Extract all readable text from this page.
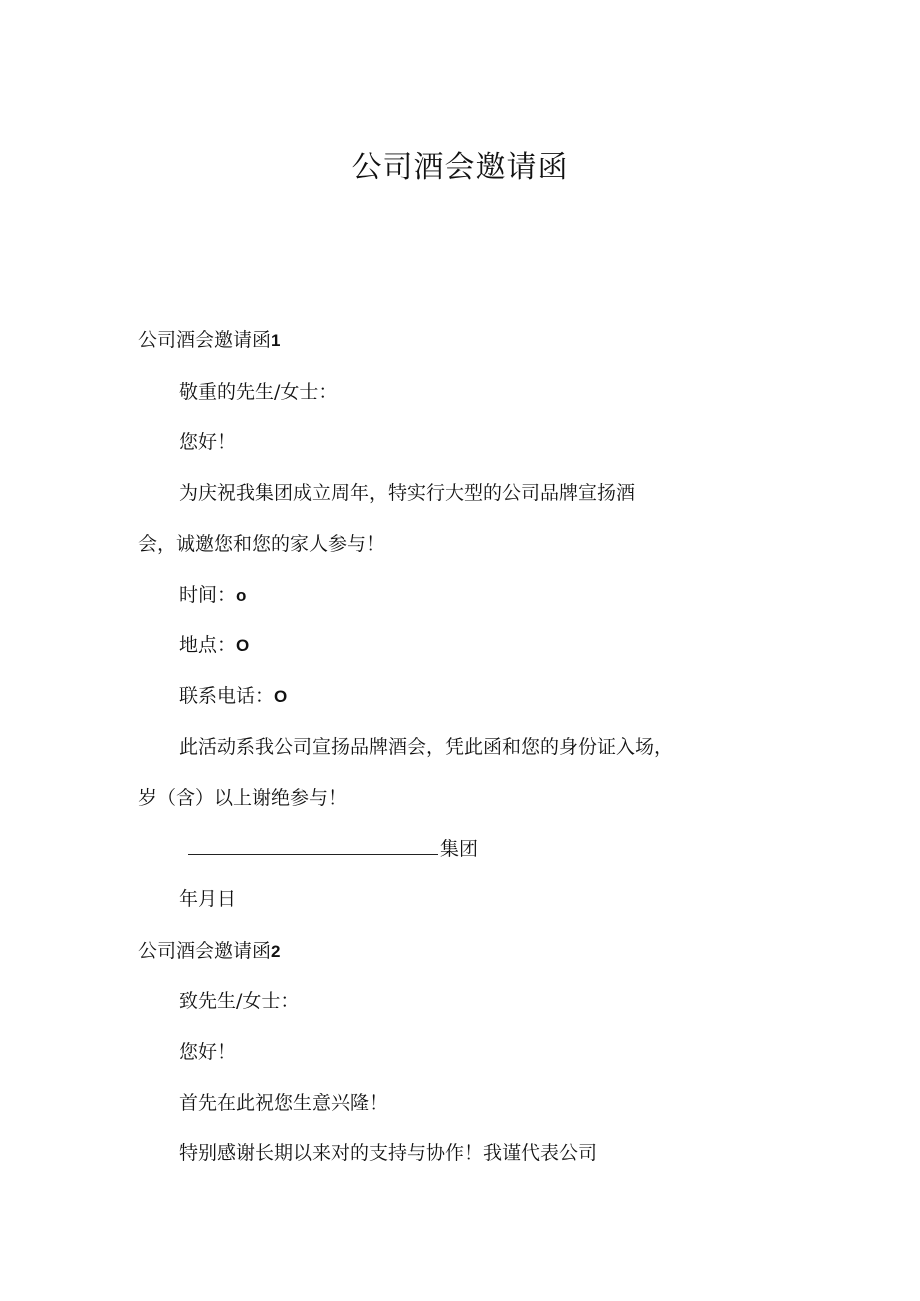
公司酒会邀请函

公司酒会邀请函1

敬重的先生/女士：

您好！

为庆祝我集团成立周年，特实行大型的公司品牌宣扬酒

会，诚邀您和您的家人参与！

时间：o

地点：O

联系电话：O

此活动系我公司宣扬品牌酒会，凭此函和您的身份证入场，

岁（含）以上谢绝参与！

集团

年月日

公司酒会邀请函2

致先生/女士：

您好！

首先在此祝您生意兴隆！

特别感谢长期以来对的支持与协作！我谨代表公司
